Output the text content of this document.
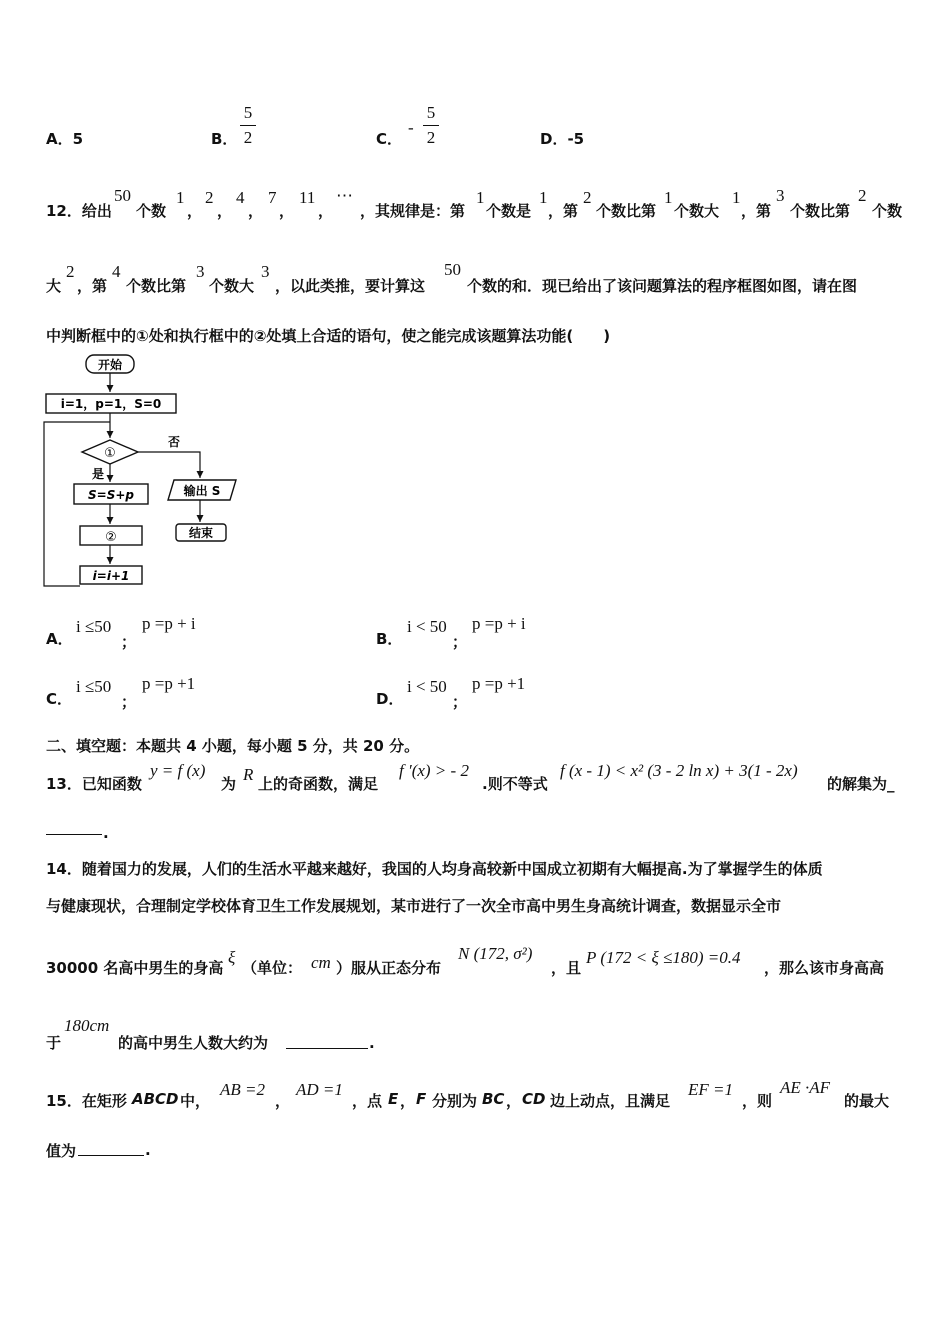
A．5	B．
5
2	C．
-
5
2	D．-5
12．给出
50
个数
1
，
2
，
4
，
7
，
11
，
⋯
，其规律是：第
1
个数是
1
，第
2
个数比第
1
个数大
1
，第
3
个数比第
2
个数
大
2
，第
4
个数比第
3
个数大
3
，以此类推，要计算这
50
个数的和．现已给出了该问题算法的程序框图如图，请在图
中判断框中的①处和执行框中的②处填上合适的语句，使之能完成该题算法功能(　　)
开始
i=1，p=1，S=0
①
否
输出 S
结束
是
S=S+p
②
i=i+1
A．
i ≤50
；
p =p + i
B．
i < 50
；
p =p + i
C．
i ≤50
；
p =p +1
D．
i < 50
；
p =p +1
二、填空题：本题共 4 小题，每小题 5 分，共 20 分。
13．已知函数
y = f (x)
为 R 上的奇函数，满足
f ′(x) > - 2
.则不等式
f (x - 1) < x² (3 - 2 ln x) + 3(1 - 2x)
的解集为_
.
14．随着国力的发展，人们的生活水平越来越好，我国的人均身高较新中国成立初期有大幅提高.为了掌握学生的体质
与健康现状，合理制定学校体育卫生工作发展规划，某市进行了一次全市高中男生身高统计调查，数据显示全市
30000 名高中男生的身高
ξ
（单位： cm ）服从正态分布
N (172, σ²)
，且
P (172 < ξ ≤180) =0.4
，那么该市身高高
于
180cm
的高中男生人数大约为	.
15．在矩形 ABCD 中，
AB =2
，
AD =1
，点 E ， F 分别为 BC ， CD 边上动点，且满足
EF =1
，则
AE ·AF
的最大
值为	.
